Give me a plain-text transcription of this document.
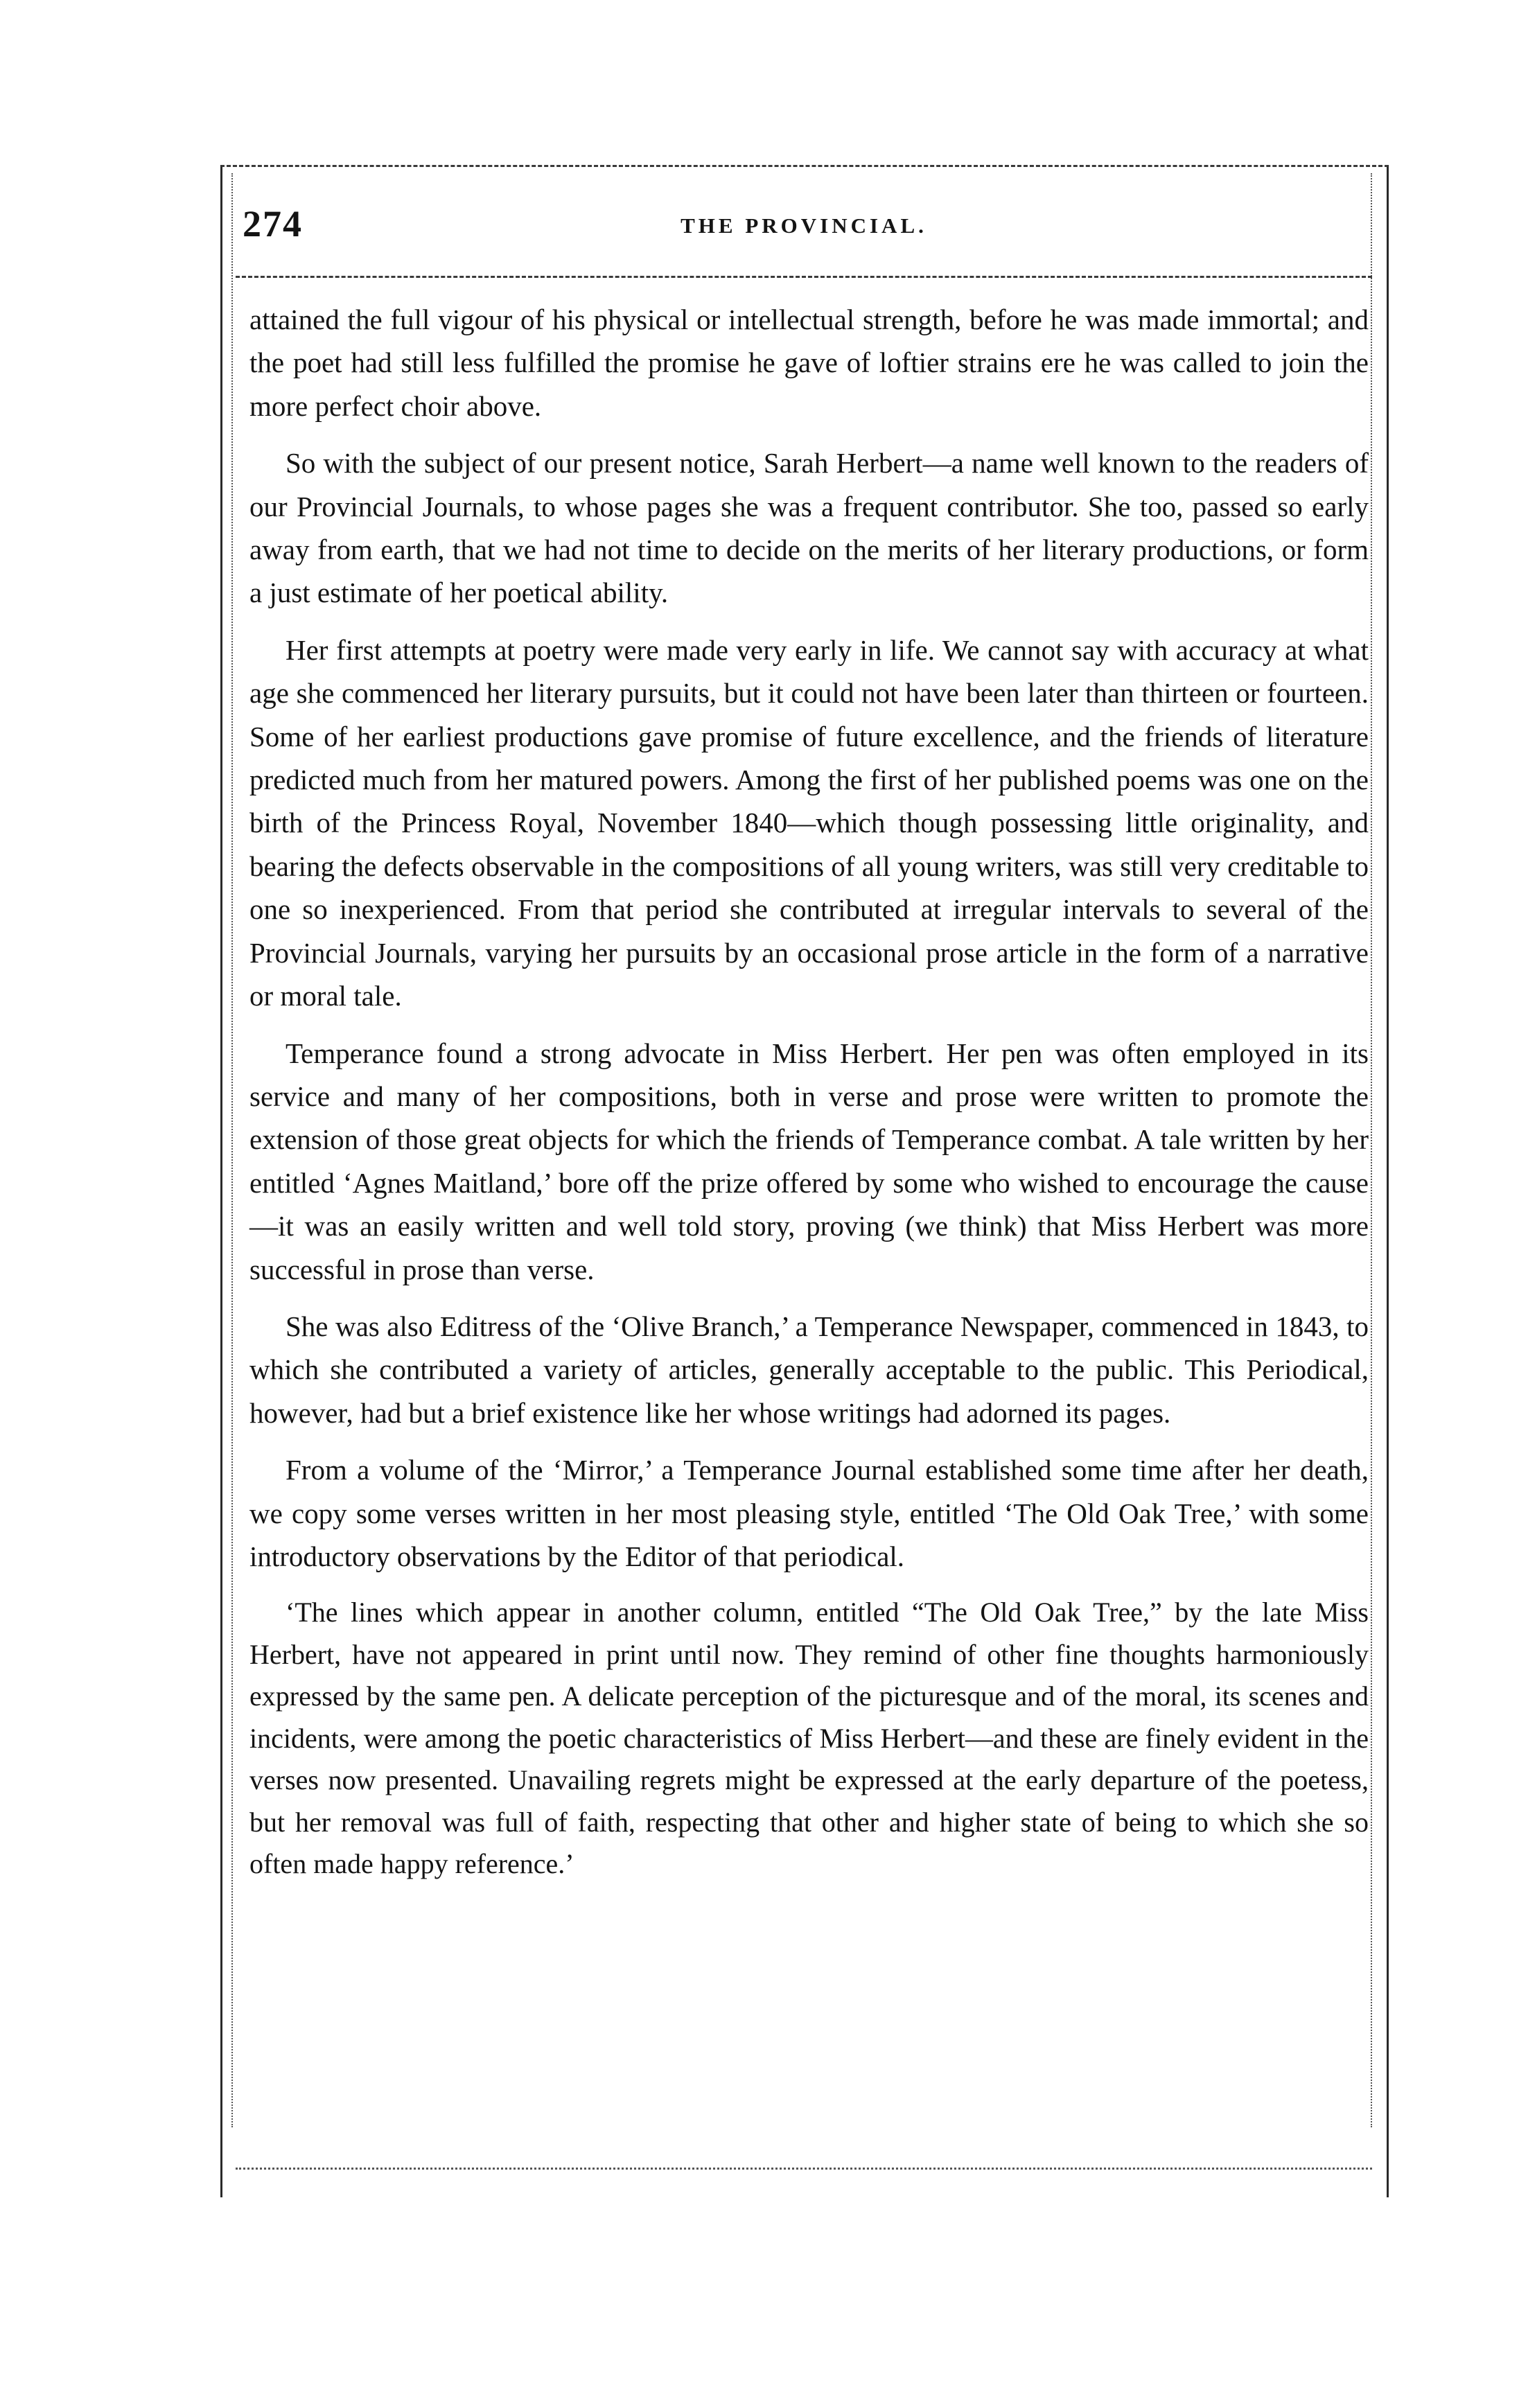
274	THE PROVINCIAL.

attained the full vigour of his physical or intellectual strength, before he was made immortal; and the poet had still less fulfilled the promise he gave of loftier strains ere he was called to join the more perfect choir above.

So with the subject of our present notice, Sarah Herbert—a name well known to the readers of our Provincial Journals, to whose pages she was a frequent contributor. She too, passed so early away from earth, that we had not time to decide on the merits of her literary productions, or form a just estimate of her poetical ability.

Her first attempts at poetry were made very early in life. We cannot say with accuracy at what age she commenced her literary pursuits, but it could not have been later than thirteen or fourteen. Some of her earliest productions gave promise of future excellence, and the friends of literature predicted much from her matured powers. Among the first of her published poems was one on the birth of the Princess Royal, November 1840—which though possessing little originality, and bearing the defects observable in the compositions of all young writers, was still very creditable to one so inexperienced. From that period she contributed at irregular intervals to several of the Provincial Journals, varying her pursuits by an occasional prose article in the form of a narrative or moral tale.

Temperance found a strong advocate in Miss Herbert. Her pen was often employed in its service and many of her compositions, both in verse and prose were written to promote the extension of those great objects for which the friends of Temperance combat. A tale written by her entitled ‘Agnes Maitland,’ bore off the prize offered by some who wished to encourage the cause—it was an easily written and well told story, proving (we think) that Miss Herbert was more successful in prose than verse.

She was also Editress of the ‘Olive Branch,’ a Temperance Newspaper, commenced in 1843, to which she contributed a variety of articles, generally acceptable to the public. This Periodical, however, had but a brief existence like her whose writings had adorned its pages.

From a volume of the ‘Mirror,’ a Temperance Journal established some time after her death, we copy some verses written in her most pleasing style, entitled ‘The Old Oak Tree,’ with some introductory observations by the Editor of that periodical.

‘The lines which appear in another column, entitled “The Old Oak Tree,” by the late Miss Herbert, have not appeared in print until now. They remind of other fine thoughts harmoniously expressed by the same pen. A delicate perception of the picturesque and of the moral, its scenes and incidents, were among the poetic characteristics of Miss Herbert—and these are finely evident in the verses now presented. Unavailing regrets might be expressed at the early departure of the poetess, but her removal was full of faith, respecting that other and higher state of being to which she so often made happy reference.’
